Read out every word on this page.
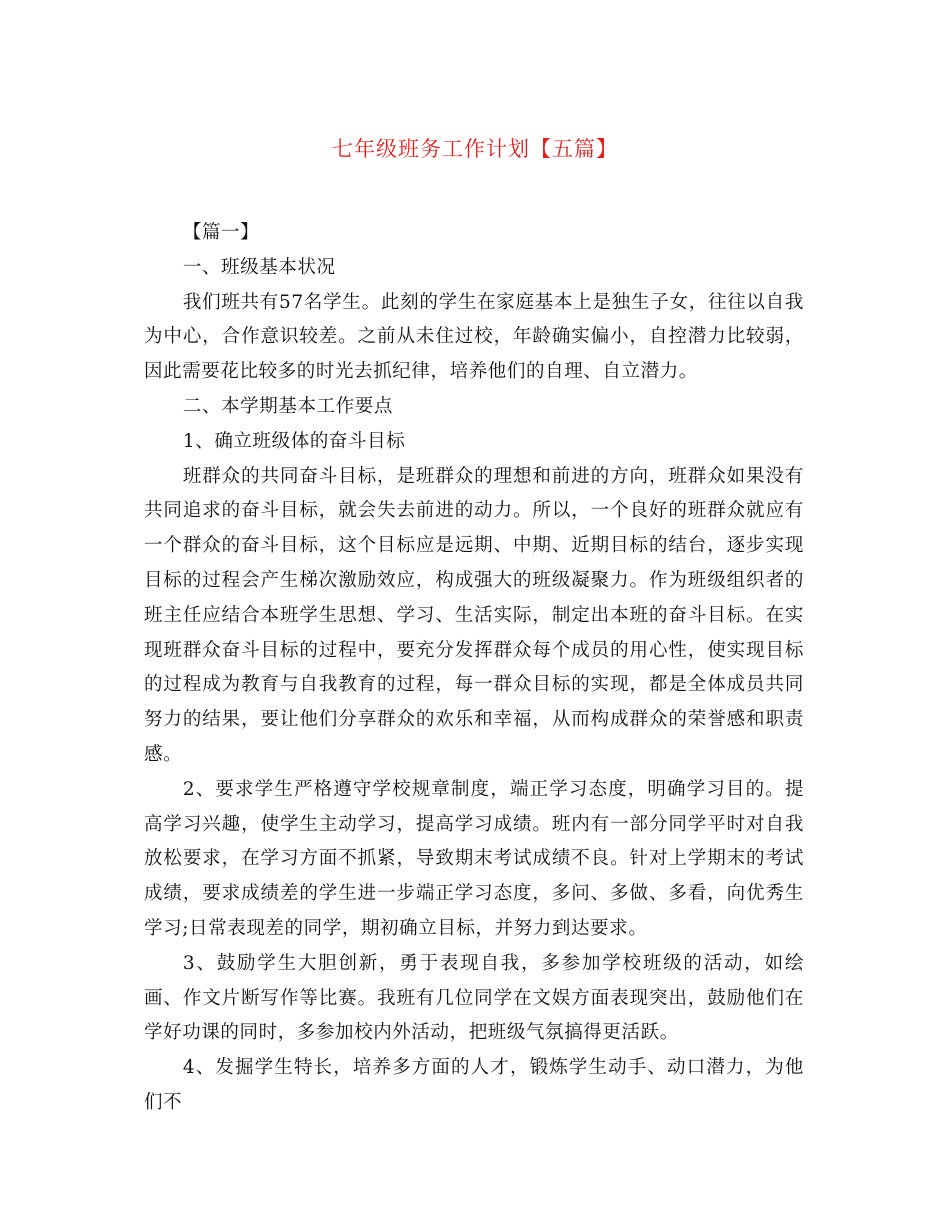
七年级班务工作计划【五篇】

【篇一】

一、班级基本状况

我们班共有57名学生。此刻的学生在家庭基本上是独生子女，往往以自我为中心，合作意识较差。之前从未住过校，年龄确实偏小，自控潜力比较弱，因此需要花比较多的时光去抓纪律，培养他们的自理、自立潜力。

二、本学期基本工作要点

1、确立班级体的奋斗目标

班群众的共同奋斗目标，是班群众的理想和前进的方向，班群众如果没有共同追求的奋斗目标，就会失去前进的动力。所以，一个良好的班群众就应有一个群众的奋斗目标，这个目标应是远期、中期、近期目标的结台，逐步实现目标的过程会产生梯次激励效应，构成强大的班级凝聚力。作为班级组织者的班主任应结合本班学生思想、学习、生活实际，制定出本班的奋斗目标。在实现班群众奋斗目标的过程中，要充分发挥群众每个成员的用心性，使实现目标的过程成为教育与自我教育的过程，每一群众目标的实现，都是全体成员共同努力的结果，要让他们分享群众的欢乐和幸福，从而构成群众的荣誉感和职责感。

2、要求学生严格遵守学校规章制度，端正学习态度，明确学习目的。提高学习兴趣，使学生主动学习，提高学习成绩。班内有一部分同学平时对自我放松要求，在学习方面不抓紧，导致期末考试成绩不良。针对上学期末的考试成绩，要求成绩差的学生进一步端正学习态度，多问、多做、多看，向优秀生学习;日常表现差的同学，期初确立目标，并努力到达要求。

3、鼓励学生大胆创新，勇于表现自我，多参加学校班级的活动，如绘画、作文片断写作等比赛。我班有几位同学在文娱方面表现突出，鼓励他们在学好功课的同时，多参加校内外活动，把班级气氛搞得更活跃。

4、发掘学生特长，培养多方面的人才，锻炼学生动手、动口潜力，为他们不
